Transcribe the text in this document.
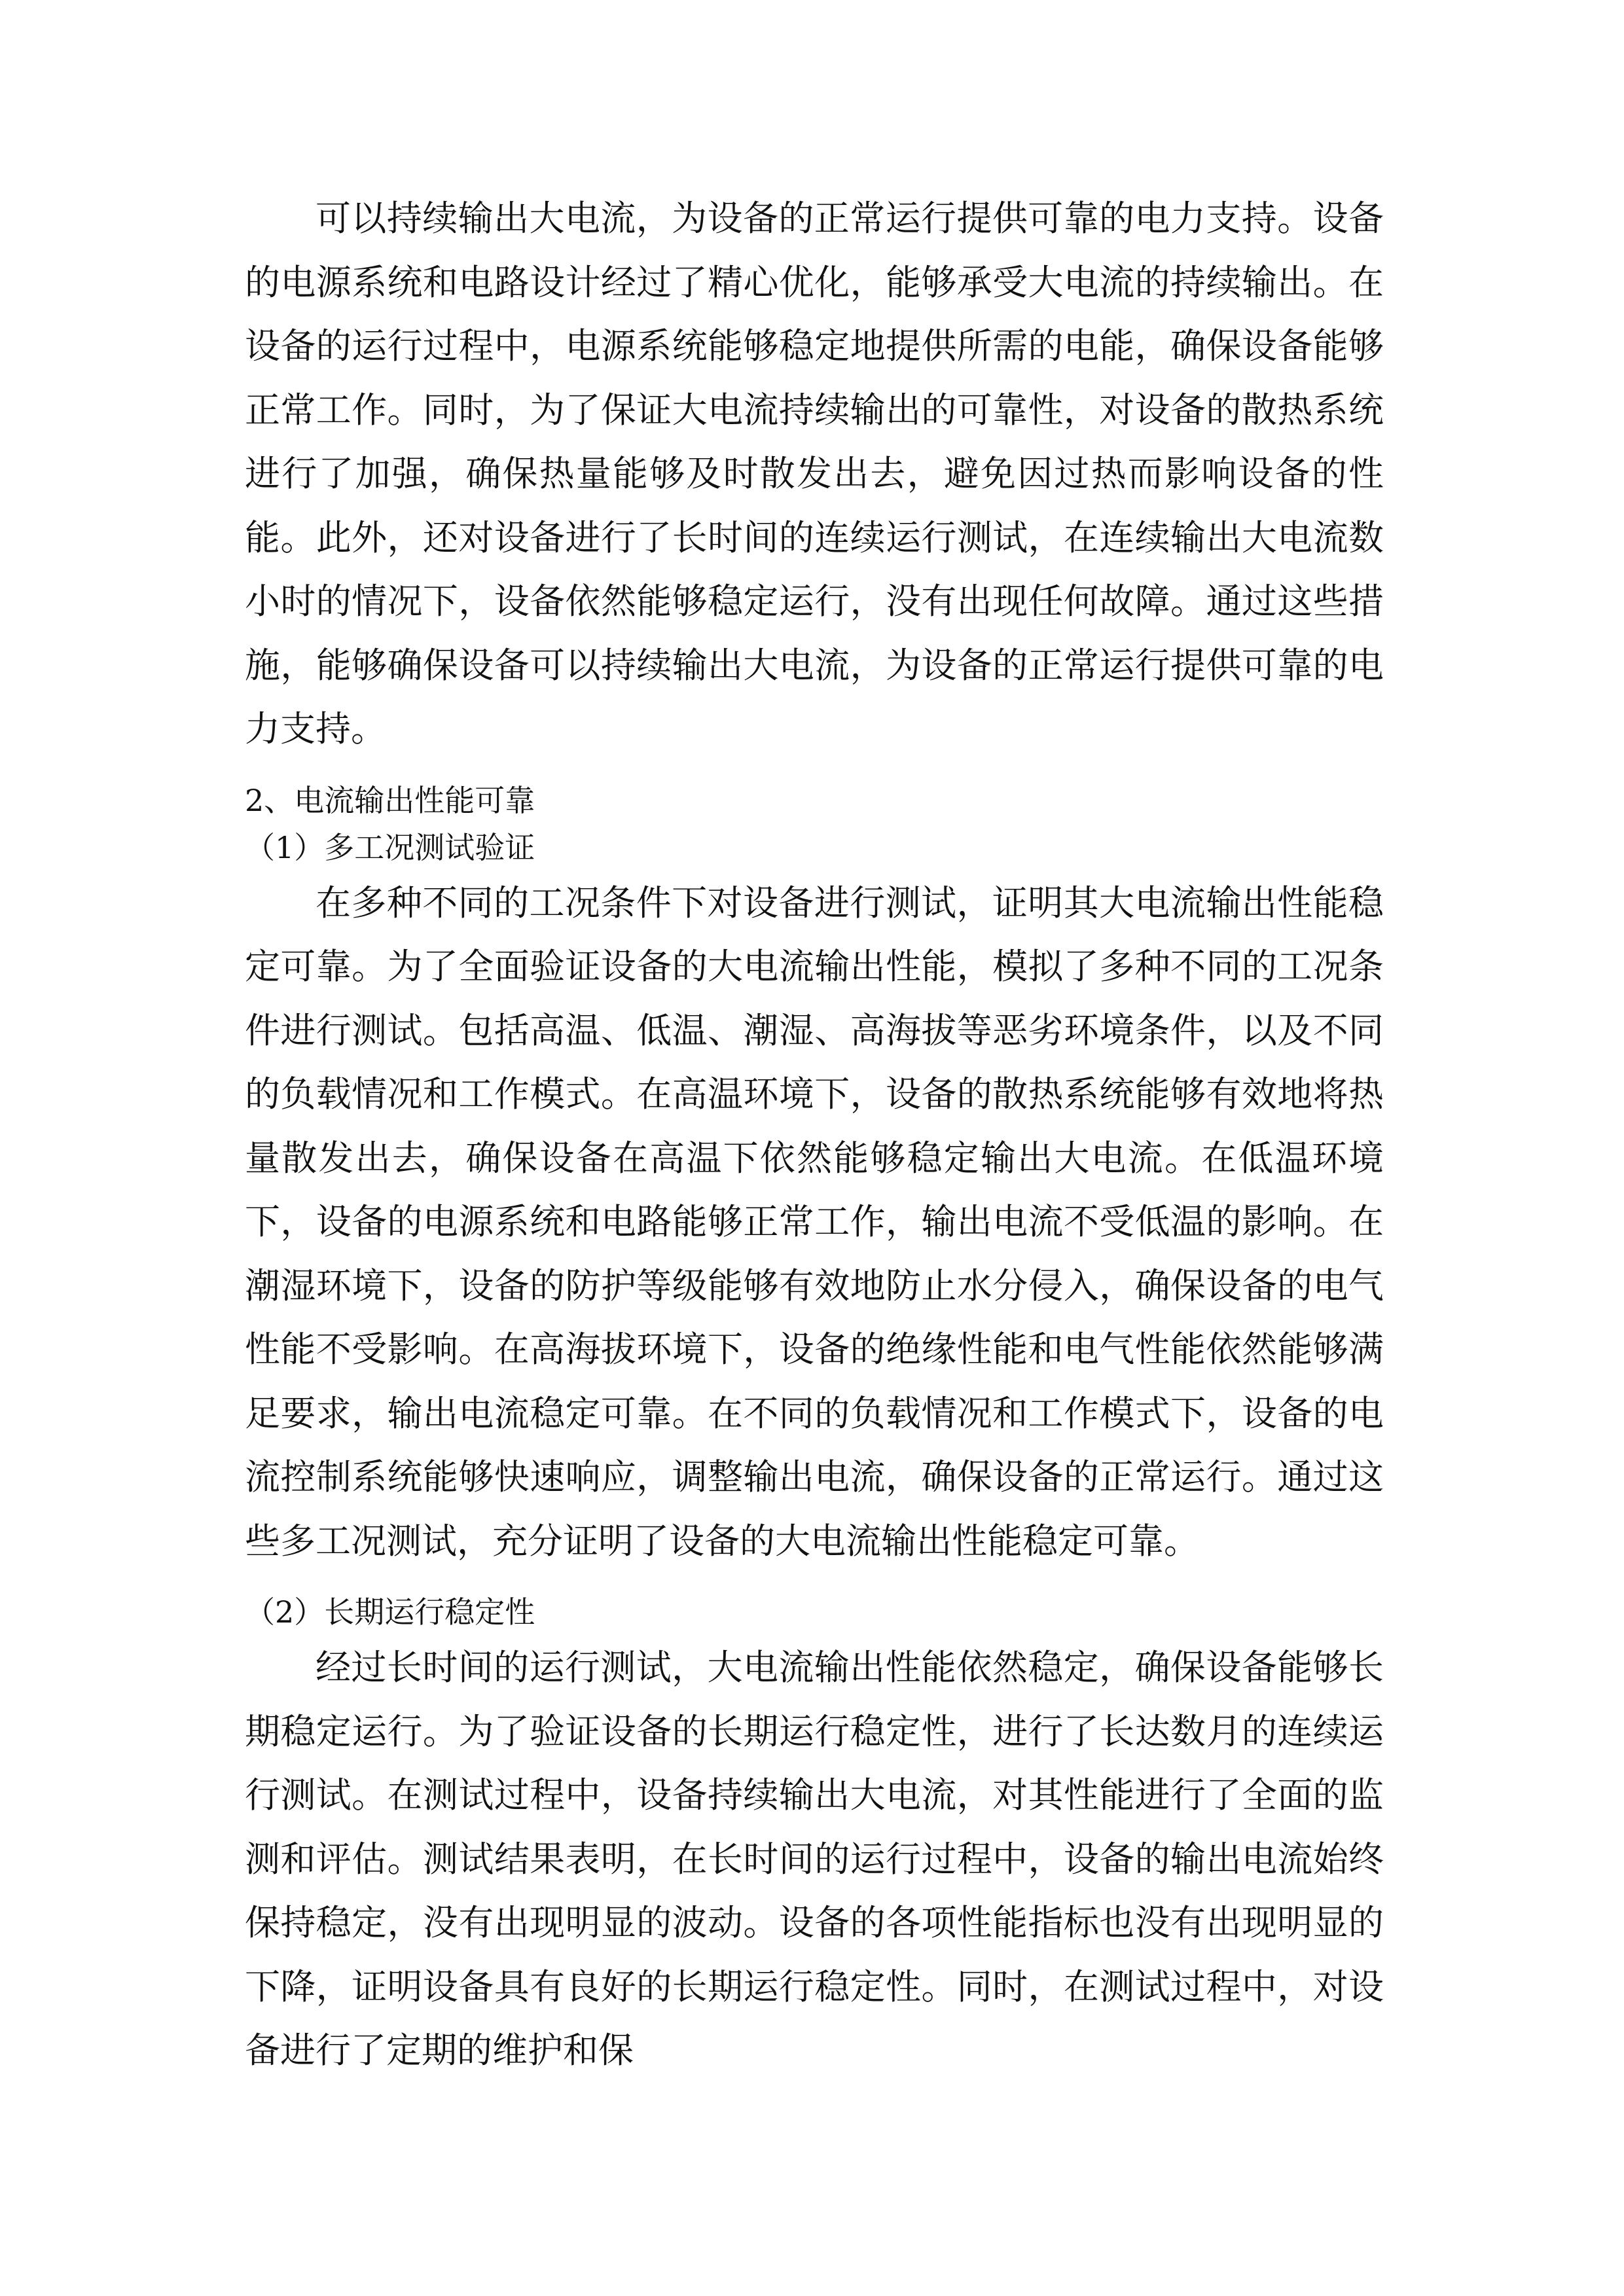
可以持续输出大电流，为设备的正常运行提供可靠的电力支持。设备的电源系统和电路设计经过了精心优化，能够承受大电流的持续输出。在设备的运行过程中，电源系统能够稳定地提供所需的电能，确保设备能够正常工作。同时，为了保证大电流持续输出的可靠性，对设备的散热系统进行了加强，确保热量能够及时散发出去，避免因过热而影响设备的性能。此外，还对设备进行了长时间的连续运行测试，在连续输出大电流数小时的情况下，设备依然能够稳定运行，没有出现任何故障。通过这些措施，能够确保设备可以持续输出大电流，为设备的正常运行提供可靠的电力支持。

2、电流输出性能可靠

（1）多工况测试验证

在多种不同的工况条件下对设备进行测试，证明其大电流输出性能稳定可靠。为了全面验证设备的大电流输出性能，模拟了多种不同的工况条件进行测试。包括高温、低温、潮湿、高海拔等恶劣环境条件，以及不同的负载情况和工作模式。在高温环境下，设备的散热系统能够有效地将热量散发出去，确保设备在高温下依然能够稳定输出大电流。在低温环境下，设备的电源系统和电路能够正常工作，输出电流不受低温的影响。在潮湿环境下，设备的防护等级能够有效地防止水分侵入，确保设备的电气性能不受影响。在高海拔环境下，设备的绝缘性能和电气性能依然能够满足要求，输出电流稳定可靠。在不同的负载情况和工作模式下，设备的电流控制系统能够快速响应，调整输出电流，确保设备的正常运行。通过这些多工况测试，充分证明了设备的大电流输出性能稳定可靠。

（2）长期运行稳定性

经过长时间的运行测试，大电流输出性能依然稳定，确保设备能够长期稳定运行。为了验证设备的长期运行稳定性，进行了长达数月的连续运行测试。在测试过程中，设备持续输出大电流，对其性能进行了全面的监测和评估。测试结果表明，在长时间的运行过程中，设备的输出电流始终保持稳定，没有出现明显的波动。设备的各项性能指标也没有出现明显的下降，证明设备具有良好的长期运行稳定性。同时，在测试过程中，对设备进行了定期的维护和保
